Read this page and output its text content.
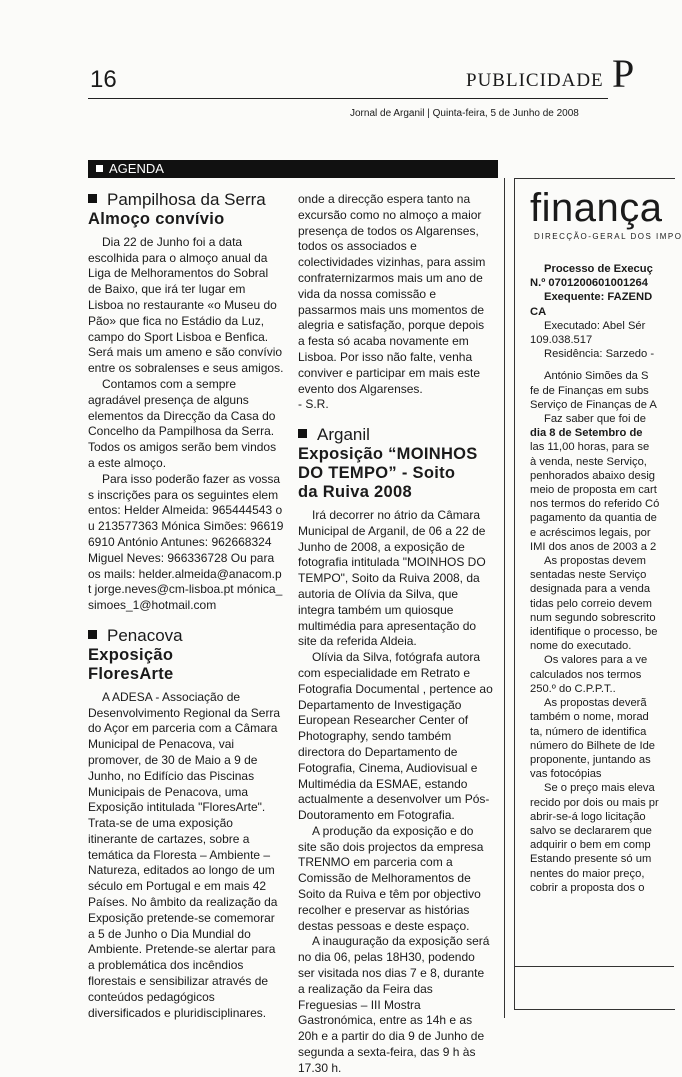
16	PUBLICIDADE P
Jornal de Arganil | Quinta-feira, 5 de Junho de 2008
AGENDA
Pampilhosa da Serra
Almoço convívio

Dia 22 de Junho foi a data escolhida para o almoço anual da Liga de Melhoramentos do Sobral de Baixo, que irá ter lugar em Lisboa no restaurante «o Museu do Pão» que fica no Estádio da Luz, campo do Sport Lisboa e Benfica. Será mais um ameno e são convívio entre os sobralenses e seus amigos.

Contamos com a sempre agradável presença de alguns elementos da Direcção da Casa do Concelho da Pampilhosa da Serra. Todos os amigos serão bem vindos a este almoço.

Para isso poderão fazer as vossas inscrições para os seguintes elementos: Helder Almeida: 965444543 ou 213577363 Mónica Simões: 966196910 António Antunes: 962668324 Miguel Neves: 966336728 Ou para os mails: helder.almeida@anacom.pt jorge.neves@cm-lisboa.pt mónica_simoes_1@hotmail.com

Penacova
Exposição FloresArte

A ADESA - Associação de Desenvolvimento Regional da Serra do Açor em parceria com a Câmara Municipal de Penacova, vai promover, de 30 de Maio a 9 de Junho, no Edifício das Piscinas Municipais de Penacova, uma Exposição intitulada "FloresArte". Trata-se de uma exposição itinerante de cartazes, sobre a temática da Floresta – Ambiente – Natureza, editados ao longo de um século em Portugal e em mais 42 Países. No âmbito da realização da Exposição pretende-se comemorar a 5 de Junho o Dia Mundial do Ambiente. Pretende-se alertar para a problemática dos incêndios florestais e sensibilizar através de conteúdos pedagógicos diversificados e pluridisciplinares.

onde a direcção espera tanto na excursão como no almoço a maior presença de todos os Algarenses, todos os associados e colectividades vizinhas, para assim confraternizarmos mais um ano de vida da nossa comissão e passarmos mais uns momentos de alegria e satisfação, porque depois a festa só acaba novamente em Lisboa. Por isso não falte, venha conviver e participar em mais este evento dos Algarenses.

- S.R.

Arganil
Exposição “MOINHOS DO TEMPO” - Soito da Ruiva 2008

Irá decorrer no átrio da Câmara Municipal de Arganil, de 06 a 22 de Junho de 2008, a exposição de fotografia intitulada "MOINHOS DO TEMPO", Soito da Ruiva 2008, da autoria de Olívia da Silva, que integra também um quiosque multimédia para apresentação do site da referida Aldeia.

Olívia da Silva, fotógrafa autora com especialidade em Retrato e Fotografia Documental , pertence ao Departamento de Investigação European Researcher Center of Photography, sendo também directora do Departamento de Fotografia, Cinema, Audiovisual e Multimédia da ESMAE, estando actualmente a desenvolver um Pós-Doutoramento em Fotografia.

A produção da exposição e do site são dois projectos da empresa TRENMO em parceria com a Comissão de Melhoramentos de Soito da Ruiva e têm por objectivo recolher e preservar as histórias destas pessoas e deste espaço.

A inauguração da exposição será no dia 06, pelas 18H30, podendo ser visitada nos dias 7 e 8, durante a realização da Feira das Freguesias – III Mostra Gastronómica, entre as 14h e as 20h e a partir do dia 9 de Junho de segunda a sexta-feira, das 9 h às 17.30 h.

finança
DIRECÇÃO-GERAL DOS IMPO
Processo de Execuç
N.º 0701200601001264
Exequente: FAZEND
CA
Executado: Abel Sér
109.038.517
Residência: Sarzedo -
António Simões da S
fe de Finanças em subs
Serviço de Finanças de A
Faz saber que foi de
dia 8 de Setembro de
las 11,00 horas, para se
à venda, neste Serviço,
penhorados abaixo desig
meio de proposta em cart
nos termos do referido Có
pagamento da quantia de
e acréscimos legais, por
IMI dos anos de 2003 a 2
As propostas devem
sentadas neste Serviço
designada para a venda
tidas pelo correio devem
num segundo sobrescrito
identifique o processo, be
nome do executado.
Os valores para a ve
calculados nos termos
250.º do C.P.P.T..
As propostas deverã
também o nome, morad
ta, número de identifica
número do Bilhete de Ide
proponente, juntando as
vas fotocópias
Se o preço mais eleva
recido por dois ou mais pr
abrir-se-á logo licitação
salvo se declararem que
adquirir o bem em comp
Estando presente só um
nentes do maior preço,
cobrir a proposta dos o
